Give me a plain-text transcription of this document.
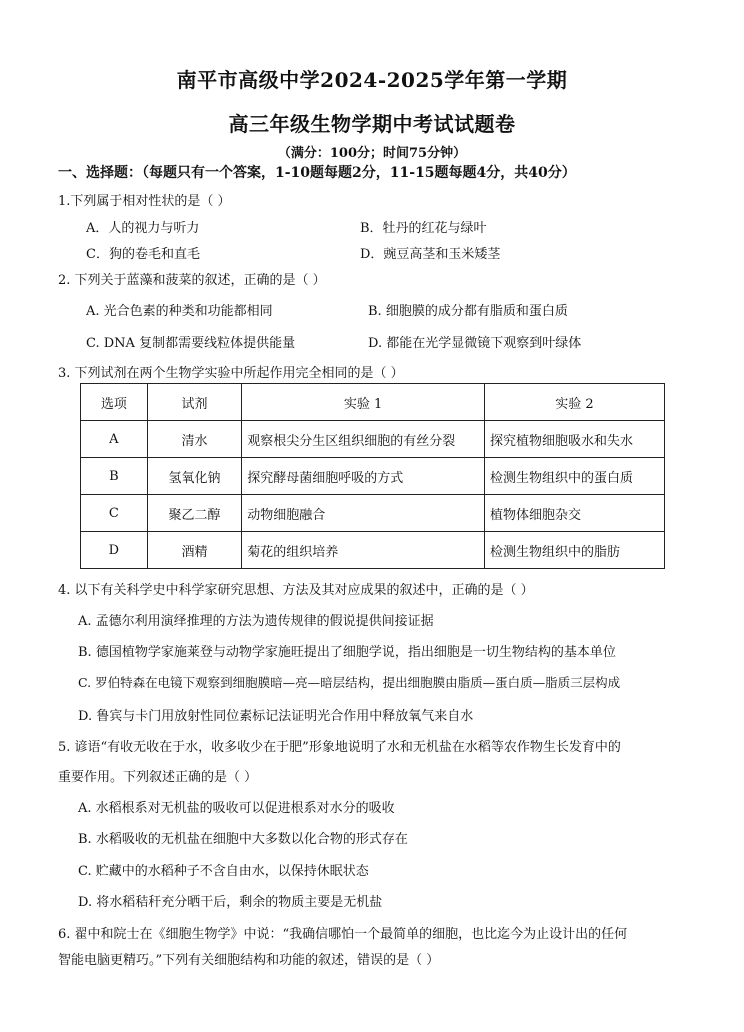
南平市高级中学2024-2025学年第一学期
高三年级生物学期中考试试题卷
（满分：100分；时间75分钟）
一、选择题：（每题只有一个答案，1-10题每题2分，11-15题每题4分，共40分）
1.下列属于相对性状的是（ ）
A．人的视力与听力	B．牡丹的红花与绿叶
C．狗的卷毛和直毛	D．豌豆高茎和玉米矮茎
2. 下列关于蓝藻和菠菜的叙述，正确的是（ ）
A. 光合色素的种类和功能都相同	B. 细胞膜的成分都有脂质和蛋白质
C. DNA 复制都需要线粒体提供能量	D. 都能在光学显微镜下观察到叶绿体
3. 下列试剂在两个生物学实验中所起作用完全相同的是（ ）
选项	试剂	实验 1	实验 2
A	清水	观察根尖分生区组织细胞的有丝分裂	探究植物细胞吸水和失水
B	氢氧化钠	探究酵母菌细胞呼吸的方式	检测生物组织中的蛋白质
C	聚乙二醇	动物细胞融合	植物体细胞杂交
D	酒精	菊花的组织培养	检测生物组织中的脂肪
4. 以下有关科学史中科学家研究思想、方法及其对应成果的叙述中，正确的是（ ）
A. 孟德尔利用演绎推理的方法为遗传规律的假说提供间接证据
B. 德国植物学家施莱登与动物学家施旺提出了细胞学说，指出细胞是一切生物结构的基本单位
C. 罗伯特森在电镜下观察到细胞膜暗—亮—暗层结构，提出细胞膜由脂质—蛋白质—脂质三层构成
D. 鲁宾与卡门用放射性同位素标记法证明光合作用中释放氧气来自水
5. 谚语“有收无收在于水，收多收少在于肥”形象地说明了水和无机盐在水稻等农作物生长发育中的
重要作用。下列叙述正确的是（ ）
A. 水稻根系对无机盐的吸收可以促进根系对水分的吸收
B. 水稻吸收的无机盐在细胞中大多数以化合物的形式存在
C. 贮藏中的水稻种子不含自由水，以保持休眠状态
D. 将水稻秸秆充分晒干后，剩余的物质主要是无机盐
6. 翟中和院士在《细胞生物学》中说：“我确信哪怕一个最简单的细胞，也比迄今为止设计出的任何
智能电脑更精巧。”下列有关细胞结构和功能的叙述，错误的是（ ）
